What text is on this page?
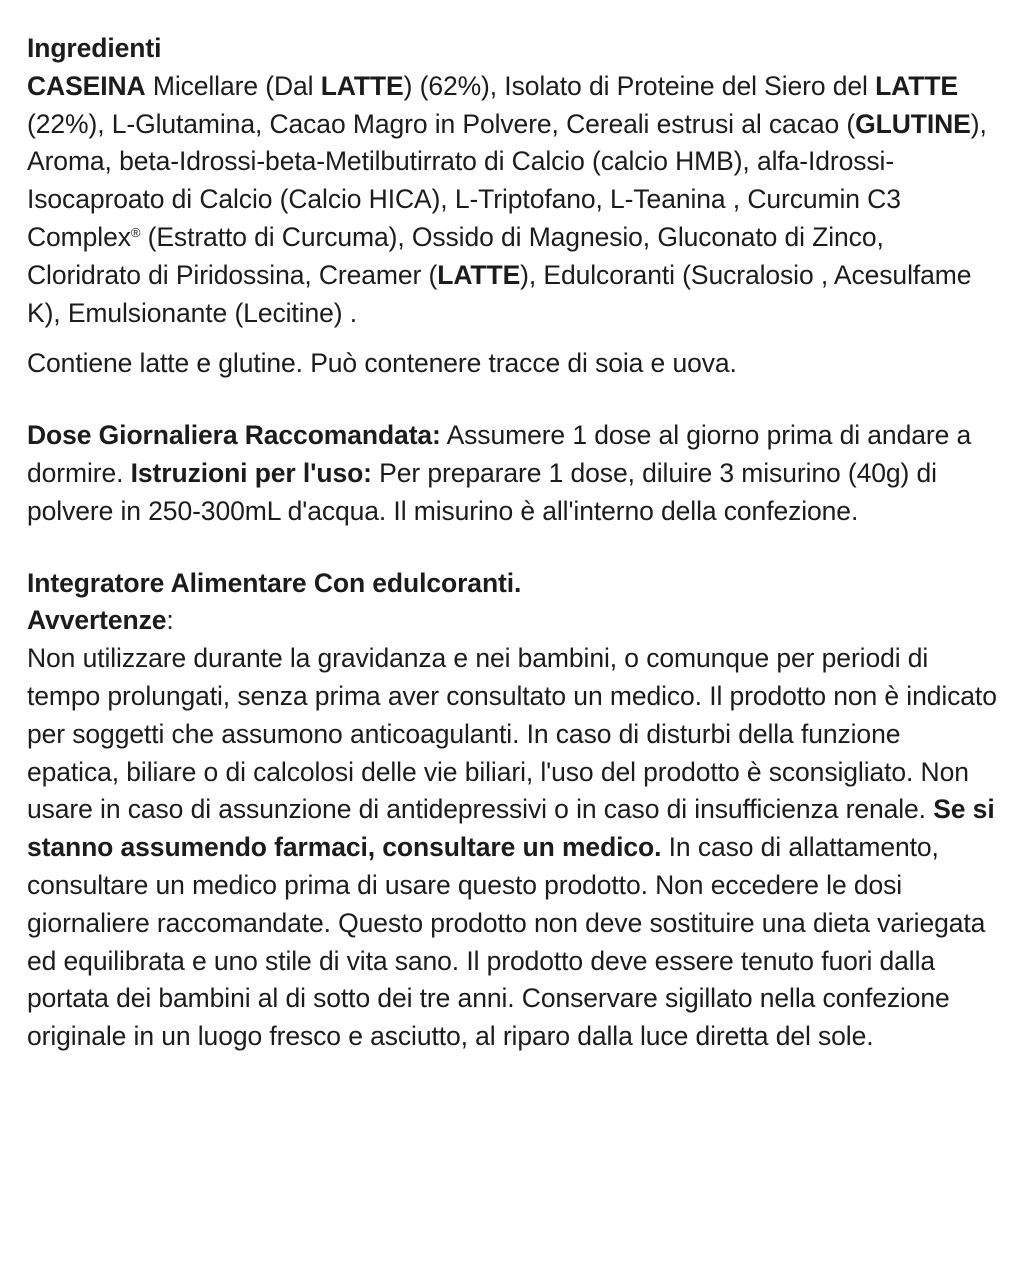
Ingredienti
CASEINA Micellare (Dal LATTE) (62%), Isolato di Proteine del Siero del LATTE (22%), L-Glutamina, Cacao Magro in Polvere, Cereali estrusi al cacao (GLUTINE), Aroma, beta-Idrossi-beta-Metilbutirrato di Calcio (calcio HMB), alfa-Idrossi-Isocaproato di Calcio (Calcio HICA), L-Triptofano, L-Teanina , Curcumin C3 Complex® (Estratto di Curcuma), Ossido di Magnesio, Gluconato di Zinco, Cloridrato di Piridossina, Creamer (LATTE), Edulcoranti (Sucralosio , Acesulfame K), Emulsionante (Lecitine) .
Contiene latte e glutine. Può contenere tracce di soia e uova.
Dose Giornaliera Raccomandata: Assumere 1 dose al giorno prima di andare a dormire. Istruzioni per l'uso: Per preparare 1 dose, diluire 3 misurino (40g) di polvere in 250-300mL d'acqua. Il misurino è all'interno della confezione.
Integratore Alimentare Con edulcoranti.
Avvertenze:
Non utilizzare durante la gravidanza e nei bambini, o comunque per periodi di tempo prolungati, senza prima aver consultato un medico. Il prodotto non è indicato per soggetti che assumono anticoagulanti. In caso di disturbi della funzione epatica, biliare o di calcolosi delle vie biliari, l'uso del prodotto è sconsigliato. Non usare in caso di assunzione di antidepressivi o in caso di insufficienza renale. Se si stanno assumendo farmaci, consultare un medico. In caso di allattamento, consultare un medico prima di usare questo prodotto. Non eccedere le dosi giornaliere raccomandate. Questo prodotto non deve sostituire una dieta variegata ed equilibrata e uno stile di vita sano. Il prodotto deve essere tenuto fuori dalla portata dei bambini al di sotto dei tre anni. Conservare sigillato nella confezione originale in un luogo fresco e asciutto, al riparo dalla luce diretta del sole.
